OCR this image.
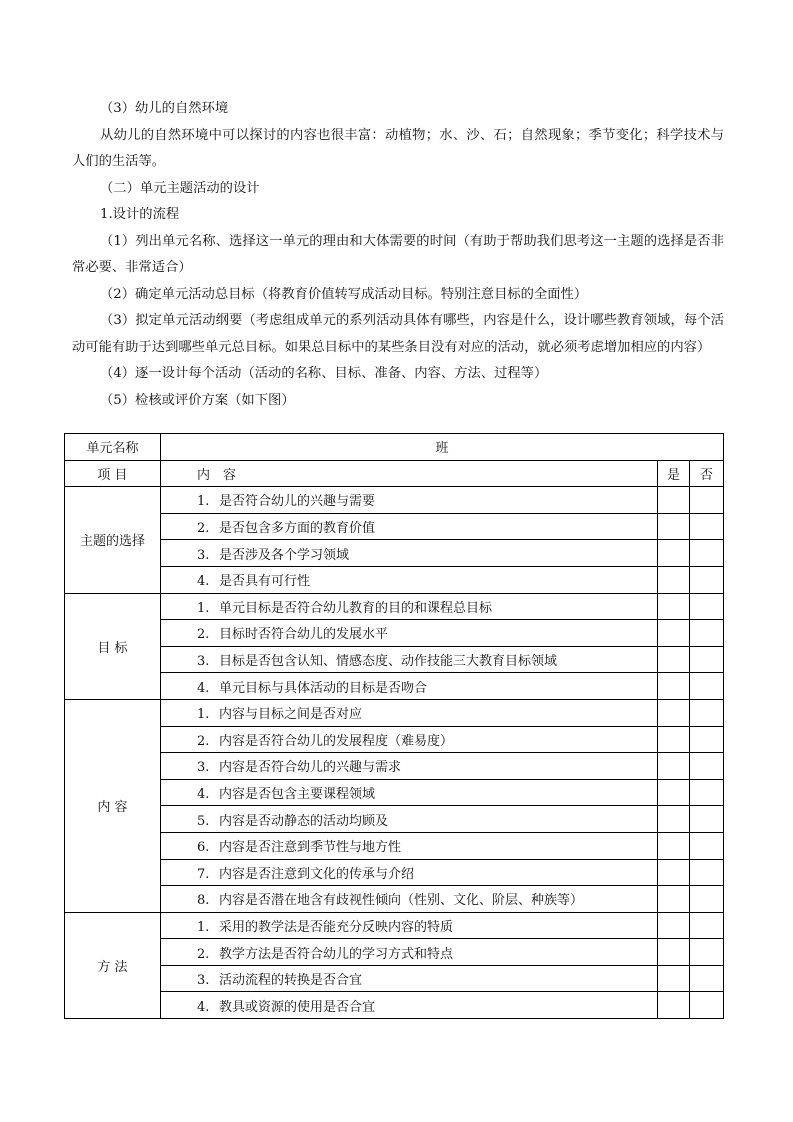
（3）幼儿的自然环境

从幼儿的自然环境中可以探讨的内容也很丰富：动植物；水、沙、石；自然现象；季节变化；科学技术与人们的生活等。

（二）单元主题活动的设计

1.设计的流程

（1）列出单元名称、选择这一单元的理由和大体需要的时间（有助于帮助我们思考这一主题的选择是否非常必要、非常适合）

（2）确定单元活动总目标（将教育价值转写成活动目标。特别注意目标的全面性）

（3）拟定单元活动纲要（考虑组成单元的系列活动具体有哪些，内容是什么，设计哪些教育领域，每个活动可能有助于达到哪些单元总目标。如果总目标中的某些条目没有对应的活动，就必须考虑增加相应的内容）

（4）逐一设计每个活动（活动的名称、目标、准备、内容、方法、过程等）

（5）检核或评价方案（如下图）

单元名称	班		
项 目	内　容	是	否
主题的选择	1. 是否符合幼儿的兴趣与需要		
	2. 是否包含多方面的教育价值		
	3. 是否涉及各个学习领域		
	4. 是否具有可行性		
目 标	1. 单元目标是否符合幼儿教育的目的和课程总目标		
	2. 目标时否符合幼儿的发展水平		
	3. 目标是否包含认知、情感态度、动作技能三大教育目标领域		
	4. 单元目标与具体活动的目标是否吻合		
内 容	1. 内容与目标之间是否对应		
	2. 内容是否符合幼儿的发展程度（难易度）		
	3. 内容是否符合幼儿的兴趣与需求		
	4. 内容是否包含主要课程领域		
	5. 内容是否动静态的活动均顾及		
	6. 内容是否注意到季节性与地方性		
	7. 内容是否注意到文化的传承与介绍		
	8. 内容是否潜在地含有歧视性倾向（性别、文化、阶层、种族等）		
方 法	1. 采用的教学法是否能充分反映内容的特质		
	2. 教学方法是否符合幼儿的学习方式和特点		
	3. 活动流程的转换是否合宜		
	4. 教具或资源的使用是否合宜		
